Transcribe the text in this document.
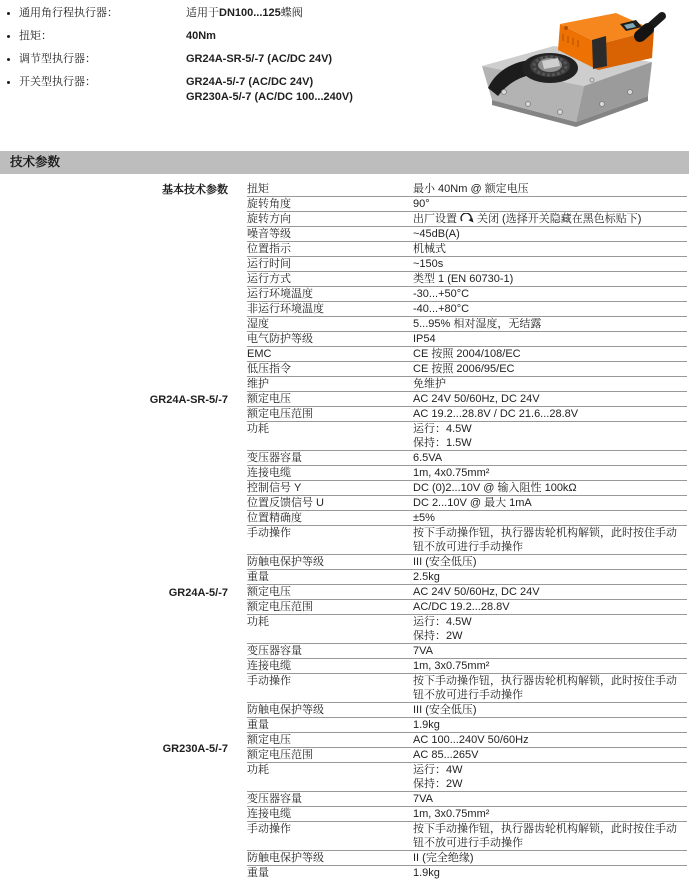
通用角行程执行器：	适用于DN100...125蝶阀
扭矩：	40Nm
调节型执行器：	GR24A-SR-5/-7 (AC/DC 24V)
开关型执行器：	GR24A-5/-7 (AC/DC 24V)
GR230A-5/-7 (AC/DC 100...240V)
技术参数
基本技术参数	扭矩	最小 40Nm @ 额定电压
旋转角度	90°
旋转方向	出厂设置 关闭 (选择开关隐藏在黑色标贴下)
噪音等级	~45dB(A)
位置指示	机械式
运行时间	~150s
运行方式	类型 1 (EN 60730-1)
运行环境温度	-30...+50°C
非运行环境温度	-40...+80°C
湿度	5...95% 相对湿度，无结露
电气防护等级	IP54
EMC	CE 按照 2004/108/EC
低压指令	CE 按照 2006/95/EC
维护	免维护
GR24A-SR-5/-7	额定电压	AC 24V 50/60Hz, DC 24V
额定电压范围	AC 19.2...28.8V / DC 21.6...28.8V
功耗	运行：4.5W
保持：1.5W
变压器容量	6.5VA
连接电缆	1m, 4x0.75mm²
控制信号 Y	DC (0)2...10V @ 输入阻性 100kΩ
位置反馈信号 U	DC 2...10V @ 最大 1mA
位置精确度	±5%
手动操作	按下手动操作钮，执行器齿轮机构解锁，此时按住手动钮不放可进行手动操作
防触电保护等级	III (安全低压)
重量	2.5kg
GR24A-5/-7	额定电压	AC 24V 50/60Hz, DC 24V
额定电压范围	AC/DC 19.2...28.8V
功耗	运行：4.5W
保持：2W
变压器容量	7VA
连接电缆	1m, 3x0.75mm²
手动操作	按下手动操作钮，执行器齿轮机构解锁，此时按住手动钮不放可进行手动操作
防触电保护等级	III (安全低压)
重量	1.9kg
GR230A-5/-7
额定电压	AC 100...240V 50/60Hz
额定电压范围	AC 85...265V
功耗	运行：4W
保持：2W
变压器容量	7VA
连接电缆	1m, 3x0.75mm²
手动操作	按下手动操作钮，执行器齿轮机构解锁，此时按住手动钮不放可进行手动操作
防触电保护等级	II (完全绝缘)
重量	1.9kg
